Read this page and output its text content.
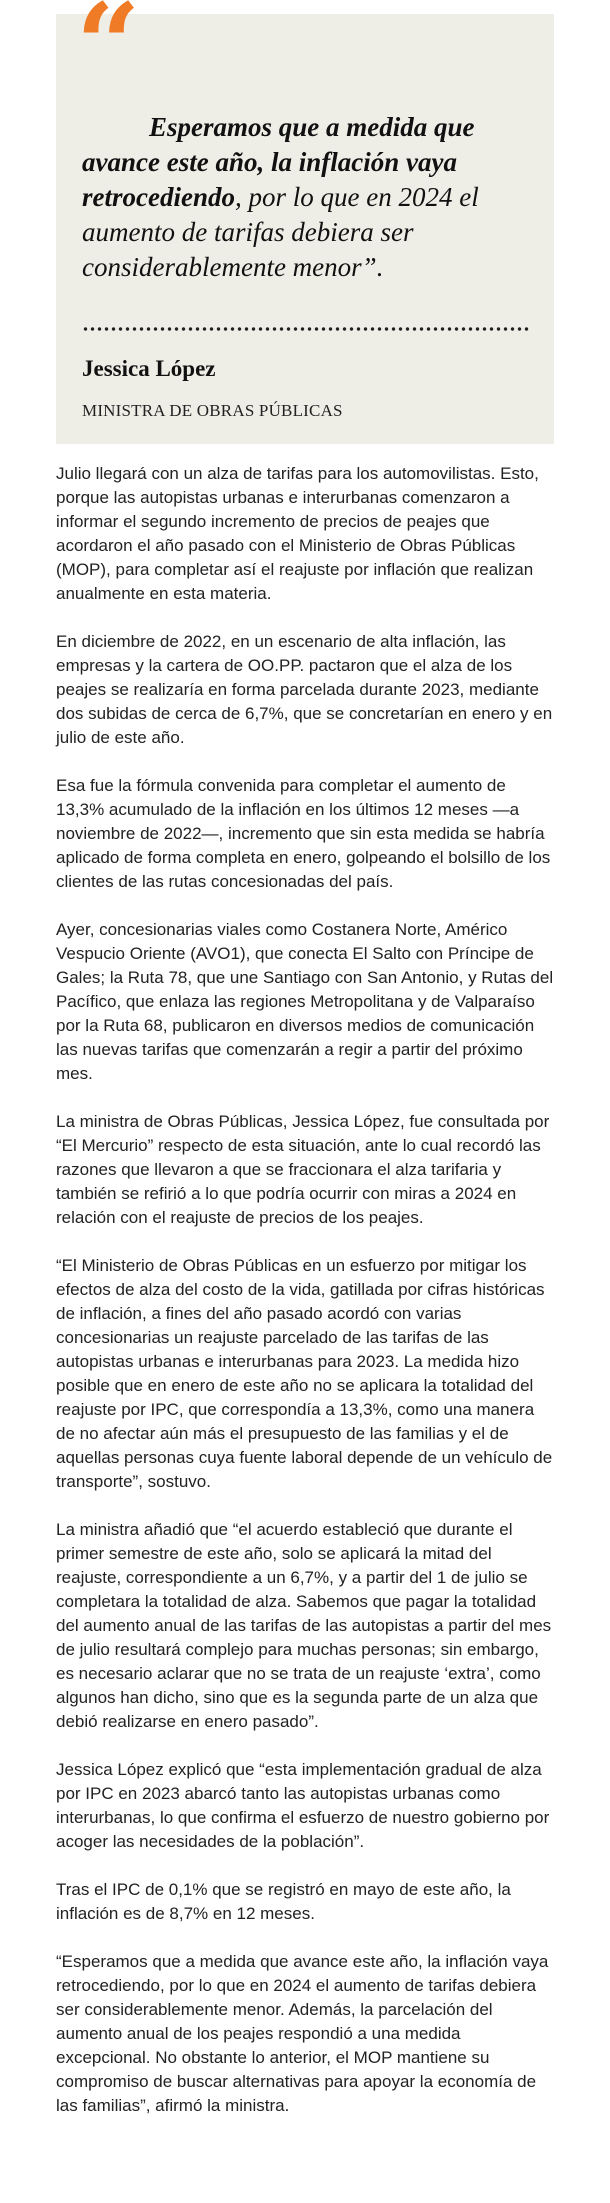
“

Esperamos que a medida que avance este año, la inflación vaya retrocediendo, por lo que en 2024 el aumento de tarifas debiera ser considerablemente menor”.

Jessica López

MINISTRA DE OBRAS PÚBLICAS

Julio llegará con un alza de tarifas para los automovilistas. Esto, porque las autopistas urbanas e interurbanas comenzaron a informar el segundo incremento de precios de peajes que acordaron el año pasado con el Ministerio de Obras Públicas (MOP), para completar así el reajuste por inflación que realizan anualmente en esta materia.

En diciembre de 2022, en un escenario de alta inflación, las empresas y la cartera de OO.PP. pactaron que el alza de los peajes se realizaría en forma parcelada durante 2023, mediante dos subidas de cerca de 6,7%, que se concretarían en enero y en julio de este año.

Esa fue la fórmula convenida para completar el aumento de 13,3% acumulado de la inflación en los últimos 12 meses —a noviembre de 2022—, incremento que sin esta medida se habría aplicado de forma completa en enero, golpeando el bolsillo de los clientes de las rutas concesionadas del país.

Ayer, concesionarias viales como Costanera Norte, Américo Vespucio Oriente (AVO1), que conecta El Salto con Príncipe de Gales; la Ruta 78, que une Santiago con San Antonio, y Rutas del Pacífico, que enlaza las regiones Metropolitana y de Valparaíso por la Ruta 68, publicaron en diversos medios de comunicación las nuevas tarifas que comenzarán a regir a partir del próximo mes.

La ministra de Obras Públicas, Jessica López, fue consultada por “El Mercurio” respecto de esta situación, ante lo cual recordó las razones que llevaron a que se fraccionara el alza tarifaria y también se refirió a lo que podría ocurrir con miras a 2024 en relación con el reajuste de precios de los peajes.

“El Ministerio de Obras Públicas en un esfuerzo por mitigar los efectos de alza del costo de la vida, gatillada por cifras históricas de inflación, a fines del año pasado acordó con varias concesionarias un reajuste parcelado de las tarifas de las autopistas urbanas e interurbanas para 2023. La medida hizo posible que en enero de este año no se aplicara la totalidad del reajuste por IPC, que correspondía a 13,3%, como una manera de no afectar aún más el presupuesto de las familias y el de aquellas personas cuya fuente laboral depende de un vehículo de transporte”, sostuvo.

La ministra añadió que “el acuerdo estableció que durante el primer semestre de este año, solo se aplicará la mitad del reajuste, correspondiente a un 6,7%, y a partir del 1 de julio se completara la totalidad de alza. Sabemos que pagar la totalidad del aumento anual de las tarifas de las autopistas a partir del mes de julio resultará complejo para muchas personas; sin embargo, es necesario aclarar que no se trata de un reajuste ‘extra’, como algunos han dicho, sino que es la segunda parte de un alza que debió realizarse en enero pasado”.

Jessica López explicó que “esta implementación gradual de alza por IPC en 2023 abarcó tanto las autopistas urbanas como interurbanas, lo que confirma el esfuerzo de nuestro gobierno por acoger las necesidades de la población”.

Tras el IPC de 0,1% que se registró en mayo de este año, la inflación es de 8,7% en 12 meses.

“Esperamos que a medida que avance este año, la inflación vaya retrocediendo, por lo que en 2024 el aumento de tarifas debiera ser considerablemente menor. Además, la parcelación del aumento anual de los peajes respondió a una medida excepcional. No obstante lo anterior, el MOP mantiene su compromiso de buscar alternativas para apoyar la economía de las familias”, afirmó la ministra.
